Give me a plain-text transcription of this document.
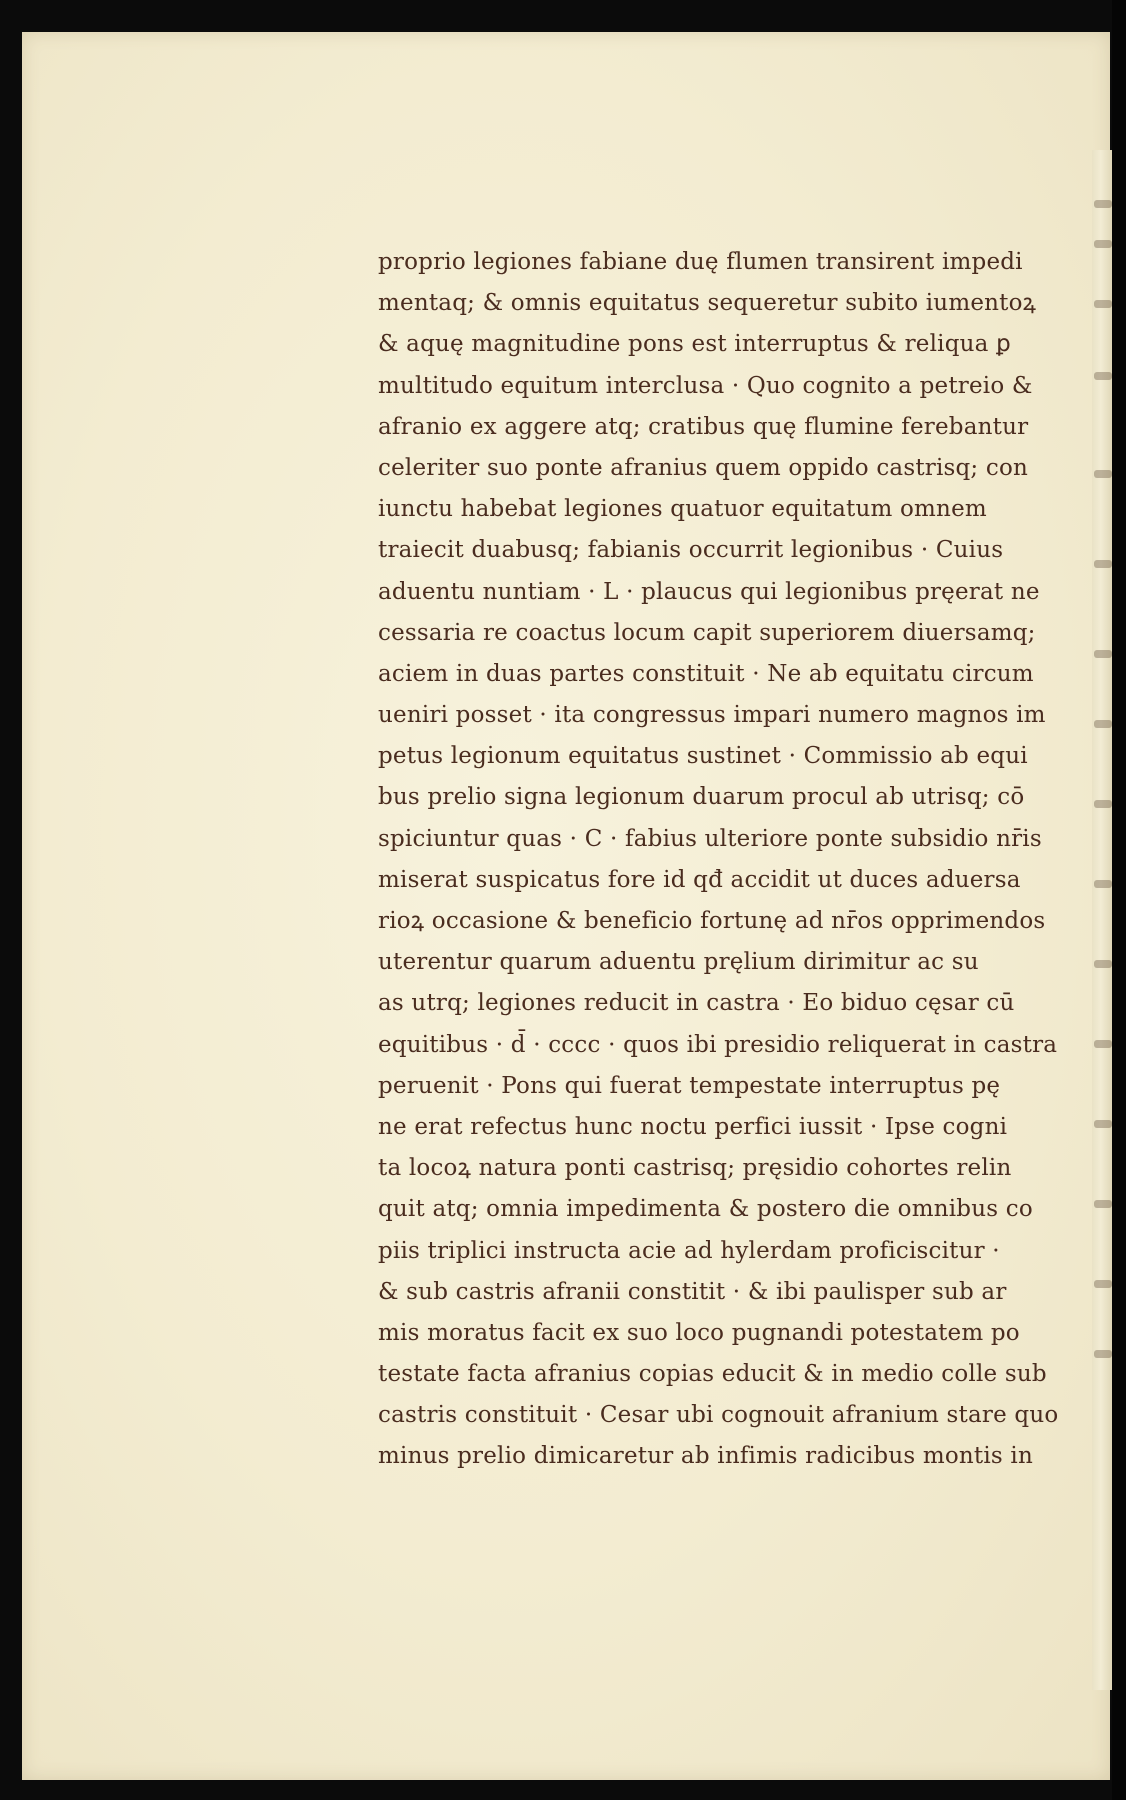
proprio legiones fabiane duę flumen transirent impedi
mentaq; & omnis equitatus sequeretur subito iumentoꝝ
& aquę magnitudine pons est interruptus & reliqua ꝑ
multitudo equitum interclusa · Quo cognito a petreio &
afranio ex aggere atq; cratibus quę flumine ferebantur
celeriter suo ponte afranius quem oppido castrisq; con
iunctu habebat legiones quatuor equitatum omnem
traiecit duabusq; fabianis occurrit legionibus · Cuius
aduentu nuntiam · L · plaucus qui legionibus pręerat ne
cessaria re coactus locum capit superiorem diuersamq;
aciem in duas partes constituit · Ne ab equitatu circum
ueniri posset · ita congressus impari numero magnos im
petus legionum equitatus sustinet · Commissio ab equi
bus prelio signa legionum duarum procul ab utrisq; cō
spiciuntur quas · C · fabius ulteriore ponte subsidio nr̄is
miserat suspicatus fore id qđ accidit ut duces aduersa
rioꝝ occasione & beneficio fortunę ad nr̄os opprimendos
uterentur quarum aduentu pręlium dirimitur ac su
as utrq; legiones reducit in castra · Eo biduo cęsar cū
equitibus · d̄ · cccc · quos ibi presidio reliquerat in castra
peruenit · Pons qui fuerat tempestate interruptus pę
ne erat refectus hunc noctu perfici iussit · Ipse cogni
ta locoꝝ natura ponti castrisq; pręsidio cohortes relin
quit atq; omnia impedimenta & postero die omnibus co
piis triplici instructa acie ad hylerdam proficiscitur ·
& sub castris afranii constitit · & ibi paulisper sub ar
mis moratus facit ex suo loco pugnandi potestatem po
testate facta afranius copias educit & in medio colle sub
castris constituit · Cesar ubi cognouit afranium stare quo
minus prelio dimicaretur ab infimis radicibus montis in
